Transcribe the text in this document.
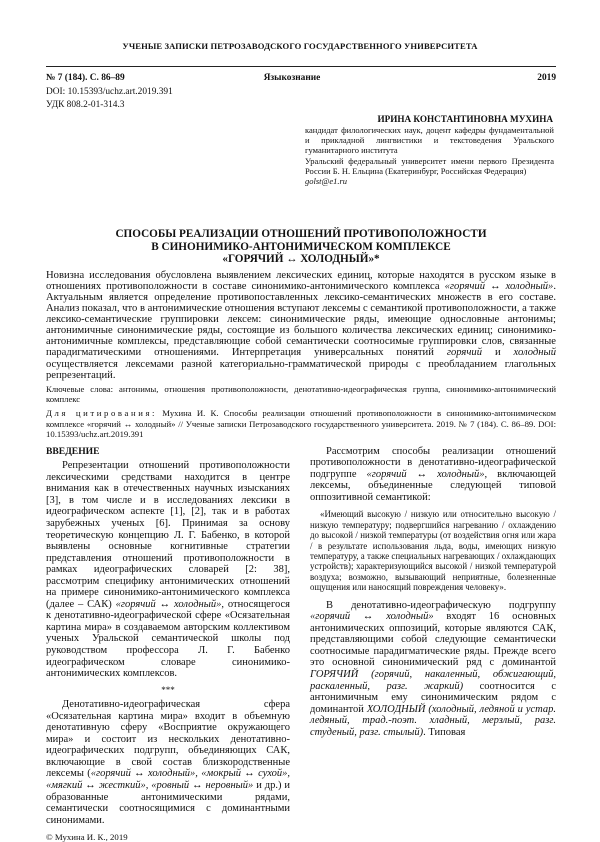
УЧЕНЫЕ ЗАПИСКИ ПЕТРОЗАВОДСКОГО ГОСУДАРСТВЕННОГО УНИВЕРСИТЕТА
№ 7 (184). С. 86–89	Языкознание	2019
DOI: 10.15393/uchz.art.2019.391
УДК 808.2-01-314.3
ИРИНА КОНСТАНТИНОВНА МУХИНА
кандидат филологических наук, доцент кафедры фундаментальной и прикладной лингвистики и текстоведения Уральского гуманитарного института
Уральский федеральный университет имени первого Президента России Б. Н. Ельцина (Екатеринбург, Российская Федерация)
golst@e1.ru
СПОСОБЫ РЕАЛИЗАЦИИ ОТНОШЕНИЙ ПРОТИВОПОЛОЖНОСТИ
В СИНОНИМИКО-АНТОНИМИЧЕСКОМ КОМПЛЕКСЕ
«ГОРЯЧИЙ ↔ ХОЛОДНЫЙ»*
Новизна исследования обусловлена выявлением лексических единиц, которые находятся в русском языке в отношениях противоположности в составе синонимико-антонимического комплекса «горячий ↔ холодный». Актуальным является определение противопоставленных лексико-семантических множеств в его составе. Анализ показал, что в антонимические отношения вступают лексемы с семантикой противоположности, а также лексико-семантические группировки лексем: синонимические ряды, имеющие однословные антонимы; антонимичные синонимические ряды, состоящие из большого количества лексических единиц; синонимико-антонимичные комплексы, представляющие собой семантически соотносимые группировки слов, связанные парадигматическими отношениями. Интерпретация универсальных понятий горячий и холодный осуществляется лексемами разной категориально-грамматической природы с преобладанием глагольных репрезентаций.
Ключевые слова: антонимы, отношения противоположности, денотативно-идеографическая группа, синонимико-антонимический комплекс
Для цитирования: Мухина И. К. Способы реализации отношений противоположности в синонимико-антонимическом комплексе «горячий ↔ холодный» // Ученые записки Петрозаводского государственного университета. 2019. № 7 (184). С. 86–89. DOI: 10.15393/uchz.art.2019.391
ВВЕДЕНИЕ

Репрезентации отношений противоположности лексическими средствами находится в центре внимания как в отечественных научных изысканиях [3], в том числе и в исследованиях лексики в идеографическом аспекте [1], [2], так и в работах зарубежных ученых [6]. Принимая за основу теоретическую концепцию Л. Г. Бабенко, в которой выявлены основные когнитивные стратегии представления отношений противоположности в рамках идеографических словарей [2: 38], рассмотрим специфику антонимических отношений на примере синонимико-антонимического комплекса (далее – САК) «горячий ↔ холодный», относящегося к денотативно-идеографической сфере «Осязательная картина мира» в создаваемом авторским коллективом ученых Уральской семантической школы под руководством профессора Л. Г. Бабенко идеографическом словаре синонимико-антонимических комплексов.

***

Денотативно-идеографическая сфера «Осязательная картина мира» входит в объемную денотативную сферу «Восприятие окружающего мира» и состоит из нескольких денотативно-идеографических подгрупп, объединяющих САК, включающие в свой состав близкородственные лексемы («горячий ↔ холодный», «мокрый ↔ сухой», «мягкий ↔ жесткий», «ровный ↔ неровный» и др.) и образованные антонимическими рядами, семантически соотносящимися с доминантными синонимами.

Рассмотрим способы реализации отношений противоположности в денотативно-идеографической подгруппе «горячий ↔ холодный», включающей лексемы, объединенные следующей типовой оппозитивной семантикой:

«Имеющий высокую / низкую или относительно высокую / низкую температуру; подвергшийся нагреванию / охлаждению до высокой / низкой температуры (от воздействия огня или жара / в результате использования льда, воды, имеющих низкую температуру, а также специальных нагревающих / охлаждающих устройств); характеризующийся высокой / низкой температурой воздуха; возможно, вызывающий неприятные, болезненные ощущения или наносящий повреждения человеку».

В денотативно-идеографическую подгруппу «горячий ↔ холодный» входят 16 основных антонимических оппозиций, которые являются САК, представляющими собой следующие семантически соотносимые парадигматические ряды. Прежде всего это основной синонимический ряд с доминантой ГОРЯЧИЙ (горячий, накаленный, обжигающий, раскаленный, разг. жаркий) соотносится с антонимичным ему синонимическим рядом с доминантой ХОЛОДНЫЙ (холодный, ледяной и устар. ледяный, трад.-поэт. хладный, мерзлый, разг. студеный, разг. стылый). Типовая

© Мухина И. К., 2019
